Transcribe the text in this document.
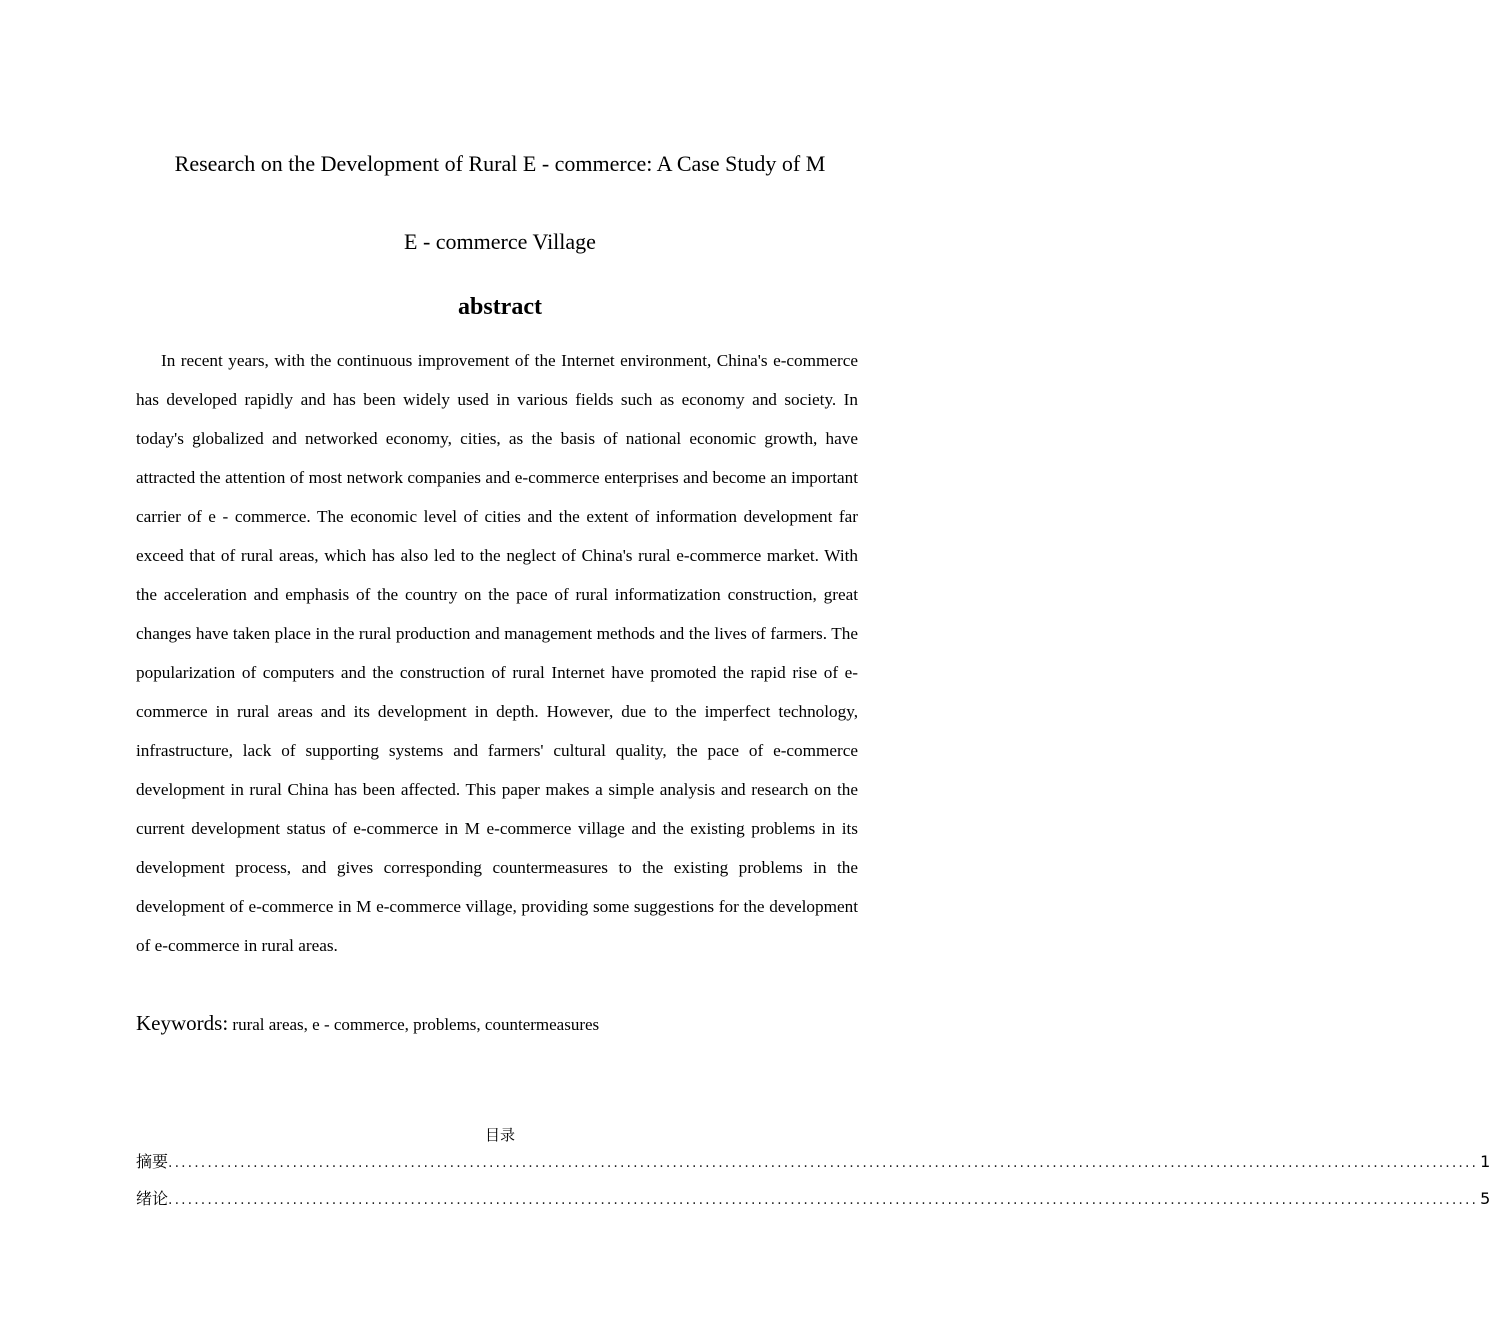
Research on the Development of Rural E - commerce: A Case Study of M
E - commerce Village
abstract

In recent years, with the continuous improvement of the Internet environment, China's e-commerce has developed rapidly and has been widely used in various fields such as economy and society. In today's globalized and networked economy, cities, as the basis of national economic growth, have attracted the attention of most network companies and e-commerce enterprises and become an important carrier of e - commerce. The economic level of cities and the extent of information development far exceed that of rural areas, which has also led to the neglect of China's rural e-commerce market. With the acceleration and emphasis of the country on the pace of rural informatization construction, great changes have taken place in the rural production and management methods and the lives of farmers. The popularization of computers and the construction of rural Internet have promoted the rapid rise of e-commerce in rural areas and its development in depth. However, due to the imperfect technology, infrastructure, lack of supporting systems and farmers' cultural quality, the pace of e-commerce development in rural China has been affected. This paper makes a simple analysis and research on the current development status of e-commerce in M e-commerce village and the existing problems in its development process, and gives corresponding countermeasures to the existing problems in the development of e-commerce in M e-commerce village, providing some suggestions for the development of e-commerce in rural areas.

Keywords: rural areas, e - commerce, problems, countermeasures
目录
摘要 ........................................................................................................................................................................................................ 1
绪论 ........................................................................................................................................................................................................ 5
